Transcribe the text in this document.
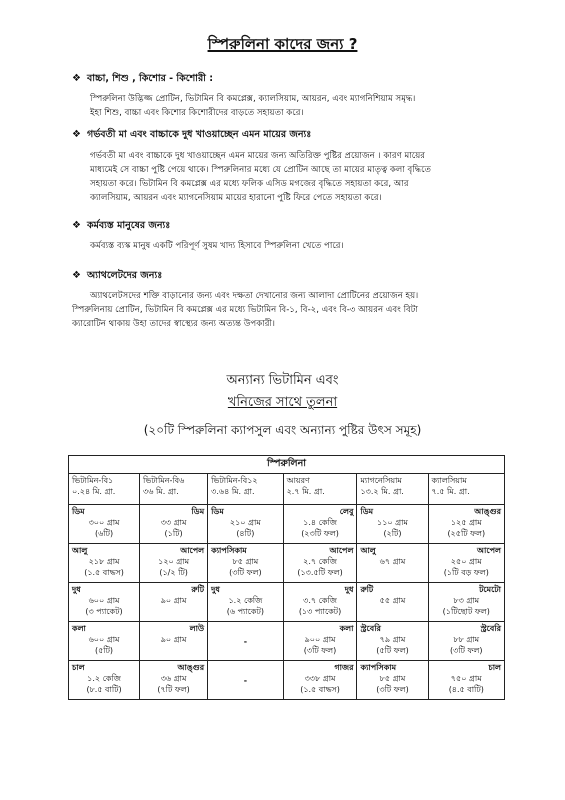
স্পিরুলিনা কাদের জন্য ?
❖ বাচ্চা, শিশু , কিশোর - কিশোরী :
স্পিরুলিনা উদ্ভিজ্জ প্রোটিন, ভিটামিন বি কমপ্লেক্স, ক্যালসিয়াম, আয়রন, এবং ম্যাগনিশিয়াম সমৃদ্ধ।
ইহা শিশু, বাচ্চা এবং কিশোর কিশোরীদের বাড়তে সহায়তা করে।
❖ গর্ভবতী মা এবং বাচ্চাকে দুধ খাওয়াচ্ছেন এমন মায়ের জন্যঃ
গর্ভবতী মা এবং বাচ্চাকে দুধ খাওয়াচ্ছেন এমন মায়ের জন্য অতিরিক্ত পুষ্টির প্রয়োজন । কারণ মায়ের
মাধ্যমেই সে বাচ্চা পুষ্টি পেয়ে থাকে। স্পিরুলিনার মধ্যে যে প্রোটিন আছে তা মায়ের মাতৃত্ব কলা বৃদ্ধিতে
সহায়তা করে। ভিটামিন বি কমপ্লেক্স এর মধ্যে ফলিক এসিড মগজের বৃদ্ধিতে সহায়তা করে, আর
ক্যালসিয়াম, আয়রন এবং ম্যাগনেসিয়াম মায়ের হারানো পুষ্টি ফিরে পেতে সহায়তা করে।
❖ কর্মব্যস্ত মানুষের জন্যঃ
কর্মব্যস্ত ব্যস্ক মানুষ একটি পরিপূর্ণ সুষম খাদ্য হিসাবে স্পিরুলিনা খেতে পারে।
❖ অ্যাথলেটদের জন্যঃ
অ্যাথলেটসদের শক্তি বাড়ানোর জন্য এবং দক্ষতা দেখানোর জন্য আলাদা প্রোটিনের প্রয়োজন হয়।
স্পিরুলিনায় প্রোটিন, ভিটামিন বি কমপ্লেক্স এর মধ্যে ভিটামিন বি-১, বি-২, এবং বি-৩ আয়রন এবং বিটা
ক্যারোটিন থাকায় উহা তাদের স্বাস্থ্যের জন্য অত্যন্ত উপকারী।
অন্যান্য ভিটামিন এবং
খনিজের সাথে তুলনা
(২০টি স্পিরুলিনা ক্যাপসুল এবং অন্যান্য পুষ্টির উৎস সমূহ)
স্পিরুলিনা					

ভিটামিন-বি১
০.২৪ মি. গ্রা.	ভিটামিন-বি৬
৩৬ মি. গ্রা.	ভিটামিন-বি১২
৩.৬৪ মি. গ্রা.	আয়রণ
২.৭ মি. গ্রা.	ম্যাগনেসিয়াম
১৩.২ মি. গ্রা.	ক্যালসিয়াম
৭.৫ মি. গ্রা.

ডিম
৩০০ গ্রাম
(৬টি)	ডিম
৩৩ গ্রাম
(১টি)	ডিম
২১০ গ্রাম
(৪টি)	লেবু
১.৪ কেজি
(২৩টি ফল)	ডিম
১১০ গ্রাম
(২টি)	আঙ্গুর
১২৫ গ্রাম
(২৫টি ফল)

আলু
২১৮ গ্রাম
(১.৫ বাদ্ধস)	আপেল
১২০ গ্রাম
(১/২ টি)	ক্যাপসিকাম
৮৫ গ্রাম
(৩টি ফল)	আপেল
২.৭ কেজি
(১৩.৫টি ফল)	আলু
৬৭ গ্রাম	আপেল
২৫০ গ্রাম
(১টি বড় ফল)

দুধ
৬০০ গ্রাম
(৩ প্যাকেট)	রুটি
৯০ গ্রাম	দুধ
১.২ কেজি
(৬ প্যাকেট)	দুধ
৩.৭ কেজি
(১৩ প্যাকেট)	রুটি
৫৫ গ্রাম	টমেটো
৮৩ গ্রাম
(১টিছোট ফল)

কলা
৬০০ গ্রাম
(৫টি)	লাউ
৯০ গ্রাম	-	কলা
৯০০ গ্রাম
(৩টি ফল)	স্ট্রবেরি
৭৯ গ্রাম
(৫টি ফল)	স্ট্রবেরি
৮৮ গ্রাম
(৩টি ফল)

চাল
১.২ কেজি
(৮.৫ বাটি)	আঙ্গুর
৩৬ গ্রাম
(৭টি ফল)	-	গাজর
৩৩৮ গ্রাম
(১.৫ বাদ্ধস)	ক্যাপসিকাম
৮৫ গ্রাম
(৩টি ফল)	চাল
৭৫০ গ্রাম
(৪.৫ বাটি)
